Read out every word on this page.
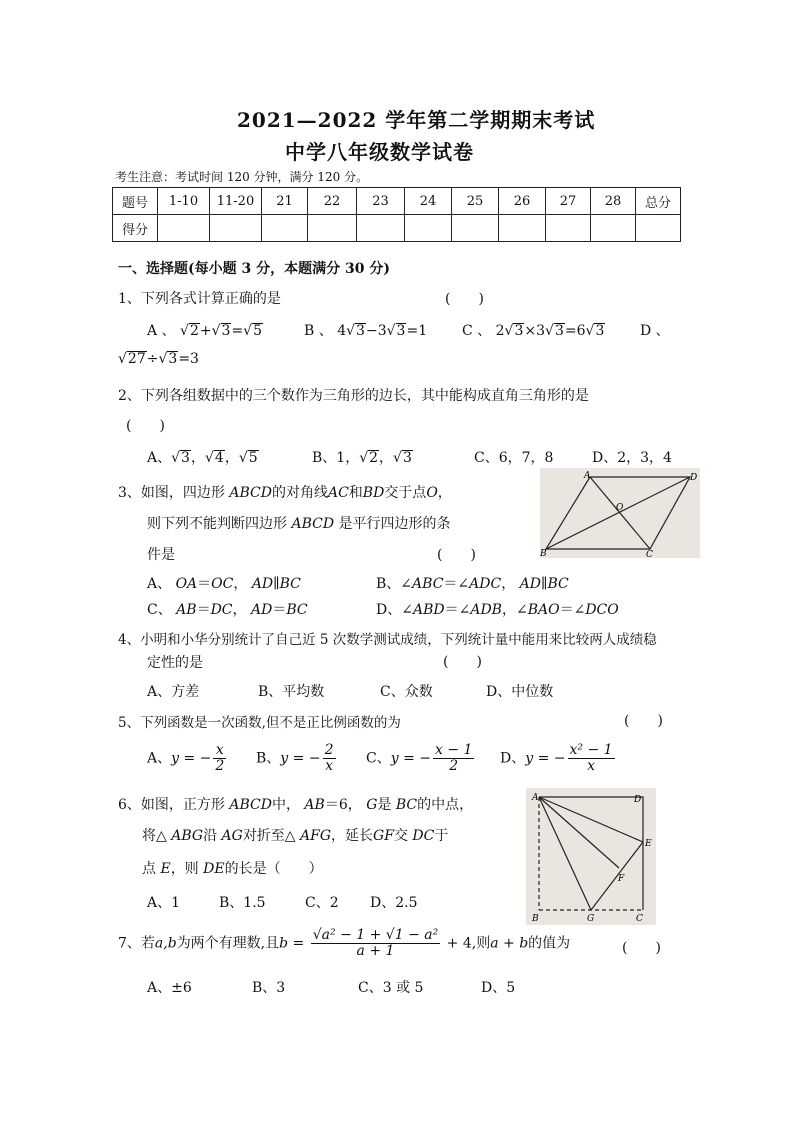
2021—2022 学年第二学期期末考试
中学八年级数学试卷
考生注意：考试时间 120 分钟，满分 120 分。
题号	1-10	11-20	21	22	23	24	25	26	27	28	总分
得分											
一、选择题(每小题 3 分，本题满分 30 分)
1、下列各式计算正确的是	(　　)
A 、 √2+√3=√5	B 、 4√3−3√3=1 C 、 2√3×3√3=6√3	D 、
√27÷√3=3
2、下列各组数据中的三个数作为三角形的边长，其中能构成直角三角形的是
(　　)
A、√3，√4，√5	B、1，√2，√3	C、6，7，8	D、2，3，4
3、如图，四边形 ABCD的对角线AC和BD交于点O，
则下列不能判断四边形 ABCD 是平行四边形的条
件是	(　　)
A、 OA＝OC， AD∥BC	B、∠ABC＝∠ADC， AD∥BC
C、 AB＝DC， AD＝BC	D、∠ABD＝∠ADB，∠BAO＝∠DCO
A	D
O
B	C
4、小明和小华分别统计了自己近 5 次数学测试成绩，下列统计量中能用来比较两人成绩稳
定性的是	(　　)
A、方差	B、平均数	C、众数	D、中位数
5、下列函数是一次函数,但不是正比例函数的为	(　　)
A、y = − $\frac{x}{2}$ B、y = − $\frac{2}{x}$ C、y = − $\frac{x - 1}{2}$ D、y = − $\frac{\text{x² − 1}}{x}$
6、如图，正方形 ABCD中， AB＝6， G是 BC的中点，
将△ ABG沿 AG对折至△ AFG，延长GF交 DC于
点 E，则 DE的长是（　　）
A、1	B、1.5	C、2 D、2.5
A	D
E
F
B	G	C
7、若a,b为两个有理数,且$b = \frac{\text{√a² − 1 + √1 − a²}}{a + 1} + 4$,则a + b的值为	(　　)
A、±6	B、3	C、3 或 5	D、5
